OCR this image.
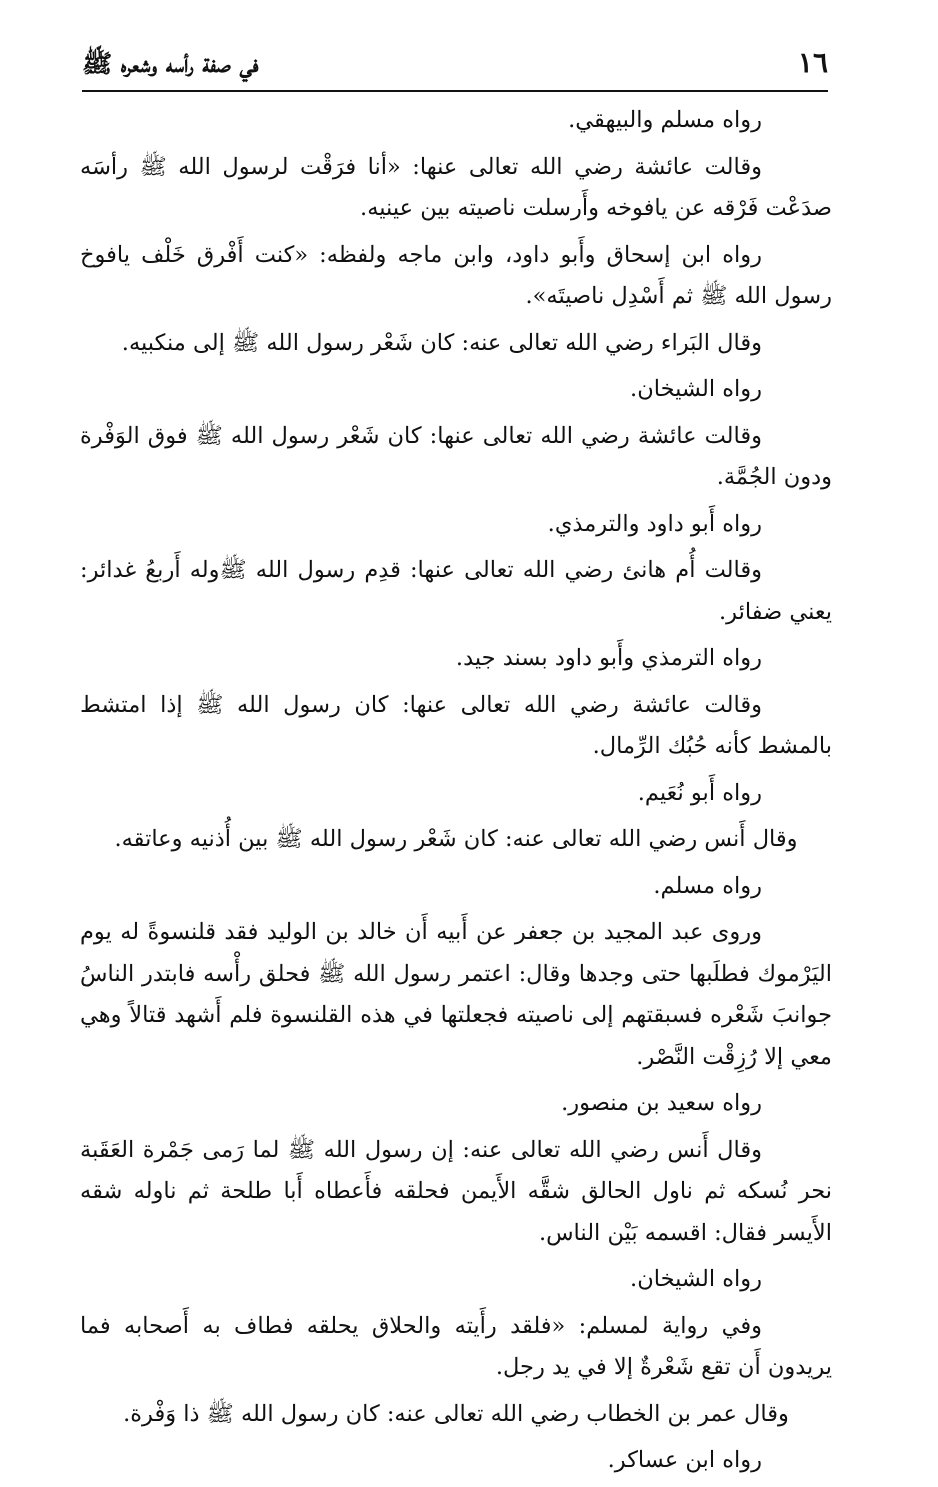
١٦
في صفة رأسه وشعره ﷺ

رواه مسلم والبيهقي.

وقالت عائشة رضي الله تعالى عنها: «أنا فرَقْت لرسول الله ﷺ رأسَه صدَعْت فَرْقه عن يافوخه وأَرسلت ناصيته بين عينيه.

رواه ابن إسحاق وأَبو داود، وابن ماجه ولفظه: «كنت أَفْرق خَلْف يافوخ رسول الله ﷺ ثم أَسْدِل ناصيتَه».

وقال البَراء رضي الله تعالى عنه: كان شَعْر رسول الله ﷺ إلى منكبيه.

رواه الشيخان.

وقالت عائشة رضي الله تعالى عنها: كان شَعْر رسول الله ﷺ فوق الوَفْرة ودون الجُمَّة.

رواه أَبو داود والترمذي.

وقالت أُم هانئ رضي الله تعالى عنها: قدِم رسول الله ﷺوله أَربعُ غدائر: يعني ضفائر.

رواه الترمذي وأَبو داود بسند جيد.

وقالت عائشة رضي الله تعالى عنها: كان رسول الله ﷺ إذا امتشط بالمشط كأنه حُبُك الرِّمال.

رواه أَبو نُعَيم.

وقال أَنس رضي الله تعالى عنه: كان شَعْر رسول الله ﷺ بين أُذنيه وعاتقه.

رواه مسلم.

وروى عبد المجيد بن جعفر عن أَبيه أَن خالد بن الوليد فقد قلنسوةً له يوم اليَرْموك فطلَبها حتى وجدها وقال: اعتمر رسول الله ﷺ فحلق رأْسه فابتدر الناسُ جوانبَ شَعْره فسبقتهم إلى ناصيته فجعلتها في هذه القلنسوة فلم أَشهد قتالاً وهي معي إلا رُزِقْت النَّصْر.

رواه سعيد بن منصور.

وقال أَنس رضي الله تعالى عنه: إن رسول الله ﷺ لما رَمى جَمْرة العَقَبة نحر نُسكه ثم ناول الحالق شقَّه الأَيمن فحلقه فأَعطاه أَبا طلحة ثم ناوله شقه الأَيسر فقال: اقسمه بَيْن الناس.

رواه الشيخان.

وفي رواية لمسلم: «فلقد رأَيته والحلاق يحلقه فطاف به أَصحابه فما يريدون أَن تقع شَعْرةٌ إلا في يد رجل.

وقال عمر بن الخطاب رضي الله تعالى عنه: كان رسول الله ﷺ ذا وَفْرة.

رواه ابن عساكر.
